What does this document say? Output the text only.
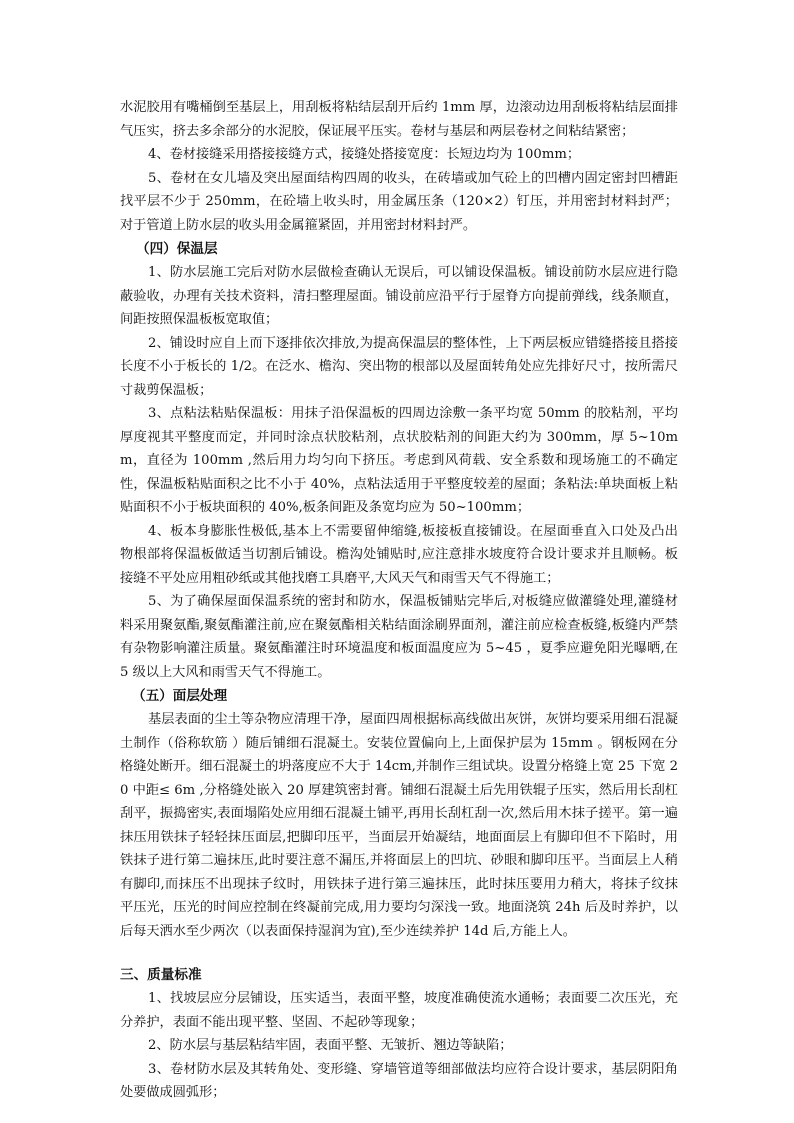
水泥胶用有嘴桶倒至基层上，用刮板将粘结层刮开后约 1mm 厚，边滚动边用刮板将粘结层面排气压实，挤去多余部分的水泥胶，保证展平压实。卷材与基层和两层卷材之间粘结紧密；

4、卷材接缝采用搭接接缝方式，接缝处搭接宽度：长短边均为 100mm；

5、卷材在女儿墙及突出屋面结构四周的收头，在砖墙或加气砼上的凹槽内固定密封凹槽距找平层不少于 250mm，在砼墙上收头时，用金属压条（120×2）钉压，并用密封材料封严；对于管道上防水层的收头用金属箍紧固，并用密封材料封严。

（四）保温层

1、防水层施工完后对防水层做检查确认无误后，可以铺设保温板。铺设前防水层应进行隐蔽验收，办理有关技术资料，清扫整理屋面。铺设前应沿平行于屋脊方向提前弹线，线条顺直，间距按照保温板板宽取值；

2、铺设时应自上而下逐排依次排放,为提高保温层的整体性，上下两层板应错缝搭接且搭接长度不小于板长的 1/2。在泛水、檐沟、突出物的根部以及屋面转角处应先排好尺寸，按所需尺寸裁剪保温板；

3、点粘法粘贴保温板：用抹子沿保温板的四周边涂敷一条平均宽 50mm 的胶粘剂，平均厚度视其平整度而定，并同时涂点状胶粘剂，点状胶粘剂的间距大约为 300mm，厚 5~10mm，直径为 100mm ,然后用力均匀向下挤压。考虑到风荷载、安全系数和现场施工的不确定性，保温板粘贴面积之比不小于 40%，点粘法适用于平整度较差的屋面；条粘法:单块面板上粘贴面积不小于板块面积的 40%,板条间距及条宽均应为 50~100mm；

4、板本身膨胀性极低,基本上不需要留伸缩缝,板接板直接铺设。在屋面垂直入口处及凸出物根部将保温板做适当切割后铺设。檐沟处铺贴时,应注意排水坡度符合设计要求并且顺畅。板接缝不平处应用粗砂纸或其他找磨工具磨平,大风天气和雨雪天气不得施工；

5、为了确保屋面保温系统的密封和防水，保温板铺贴完毕后,对板缝应做灌缝处理,灌缝材料采用聚氨酯,聚氨酯灌注前,应在聚氨酯相关粘结面涂刷界面剂，灌注前应检查板缝,板缝内严禁有杂物影响灌注质量。聚氨酯灌注时环境温度和板面温度应为 5~45 ，夏季应避免阳光曝晒,在 5 级以上大风和雨雪天气不得施工。

（五）面层处理

基层表面的尘土等杂物应清理干净，屋面四周根据标高线做出灰饼，灰饼均要采用细石混凝土制作（俗称软筋 ）随后铺细石混凝土。安装位置偏向上,上面保护层为 15mm 。钢板网在分格缝处断开。细石混凝土的坍落度应不大于 14cm,并制作三组试块。设置分格缝上宽 25 下宽 20 中距≤ 6m ,分格缝处嵌入 20 厚建筑密封膏。铺细石混凝土后先用铁辊子压实，然后用长刮杠刮平，振捣密实,表面塌陷处应用细石混凝土铺平,再用长刮杠刮一次,然后用木抹子搓平。第一遍抹压用铁抹子轻轻抹压面层,把脚印压平，当面层开始凝结，地面面层上有脚印但不下陷时，用铁抹子进行第二遍抹压,此时要注意不漏压,并将面层上的凹坑、砂眼和脚印压平。当面层上人稍有脚印,而抹压不出现抹子纹时，用铁抹子进行第三遍抹压，此时抹压要用力稍大，将抹子纹抹平压光，压光的时间应控制在终凝前完成,用力要均匀深浅一致。地面浇筑 24h 后及时养护，以后每天洒水至少两次（以表面保持湿润为宜),至少连续养护 14d 后,方能上人。

三、质量标准

1、找坡层应分层铺设，压实适当，表面平整，坡度准确使流水通畅；表面要二次压光，充分养护，表面不能出现平整、坚固、不起砂等现象；

2、防水层与基层粘结牢固，表面平整、无皱折、翘边等缺陷；

3、卷材防水层及其转角处、变形缝、穿墙管道等细部做法均应符合设计要求，基层阴阳角处要做成圆弧形；
